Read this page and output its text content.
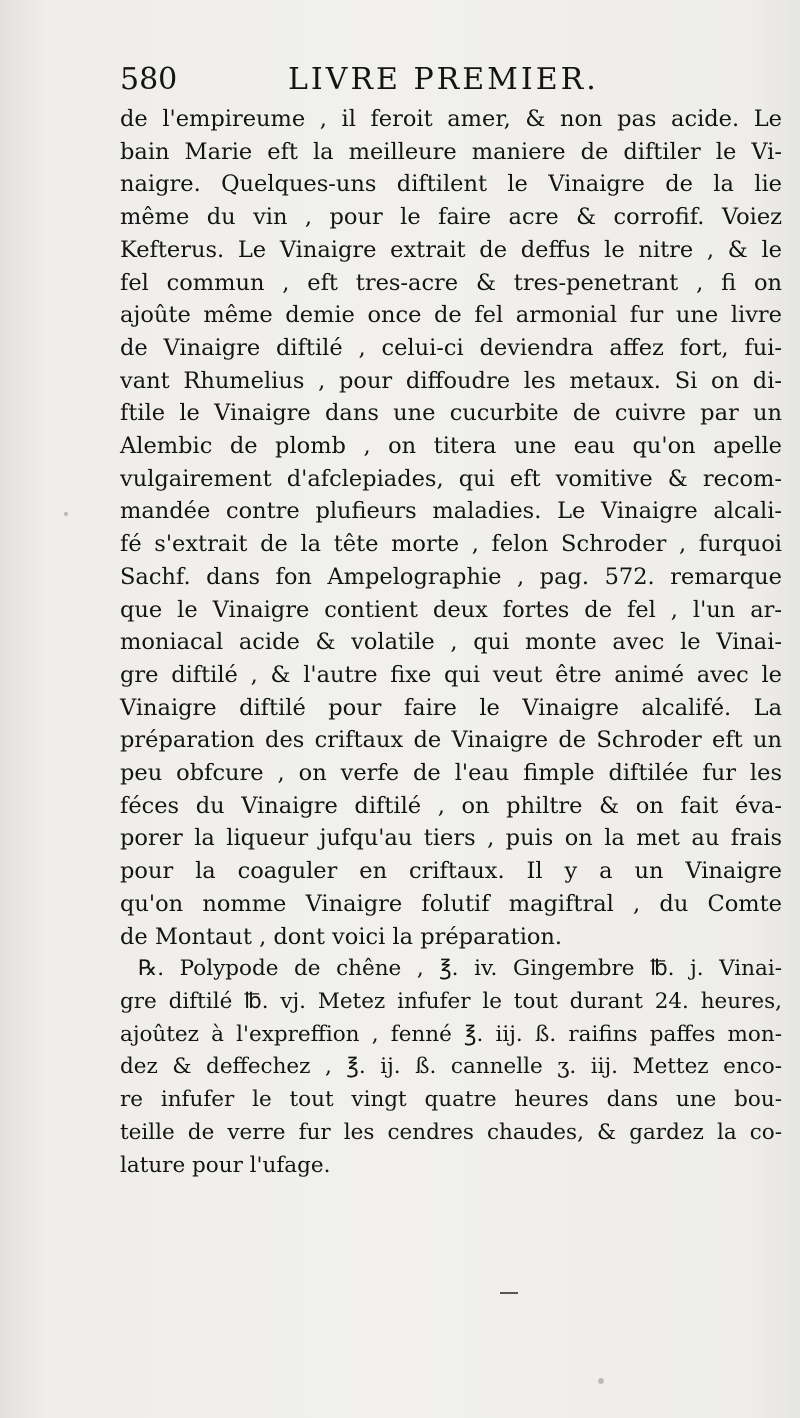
580	LIVRE PREMIER.
de l'empireume , il feroit amer, & non pas acide. Le
bain Marie eft la meilleure maniere de diftiler le Vi-
naigre. Quelques-uns diftilent le Vinaigre de la lie
même du vin , pour le faire acre & corrofif. Voiez
Kefterus. Le Vinaigre extrait de deffus le nitre , & le
fel commun , eft tres-acre & tres-penetrant , fi on
ajoûte même demie once de fel armonial fur une livre
de Vinaigre diftilé , celui-ci deviendra affez fort, fui-
vant Rhumelius , pour diffoudre les metaux. Si on di-
ftile le Vinaigre dans une cucurbite de cuivre par un
Alembic de plomb , on titera une eau qu'on apelle
vulgairement d'afclepiades, qui eft vomitive & recom-
mandée contre plufieurs maladies. Le Vinaigre alcali-
fé s'extrait de la tête morte , felon Schroder , furquoi
Sachf. dans fon Ampelographie , pag. 572. remarque
que le Vinaigre contient deux fortes de fel , l'un ar-
moniacal acide & volatile , qui monte avec le Vinai-
gre diftilé , & l'autre fixe qui veut être animé avec le
Vinaigre diftilé pour faire le Vinaigre alcalifé. La
préparation des criftaux de Vinaigre de Schroder eft un
peu obfcure , on verfe de l'eau fimple diftilée fur les
féces du Vinaigre diftilé , on philtre & on fait éva-
porer la liqueur jufqu'au tiers , puis on la met au frais
pour la coaguler en criftaux. Il y a un Vinaigre
qu'on nomme Vinaigre folutif magiftral , du Comte
de Montaut , dont voici la préparation.
℞. Polypode de chêne , ℥. iv. Gingembre ℔. j. Vinai-
gre diftilé ℔. vj. Metez infufer le tout durant 24. heures,
ajoûtez à l'expreffion , fenné ℥. iij. ß. raifins paffes mon-
dez & deffechez , ℥. ij. ß. cannelle ʒ. iij. Mettez enco-
re infufer le tout vingt quatre heures dans une bou-
teille de verre fur les cendres chaudes, & gardez la co-
lature pour l'ufage.
